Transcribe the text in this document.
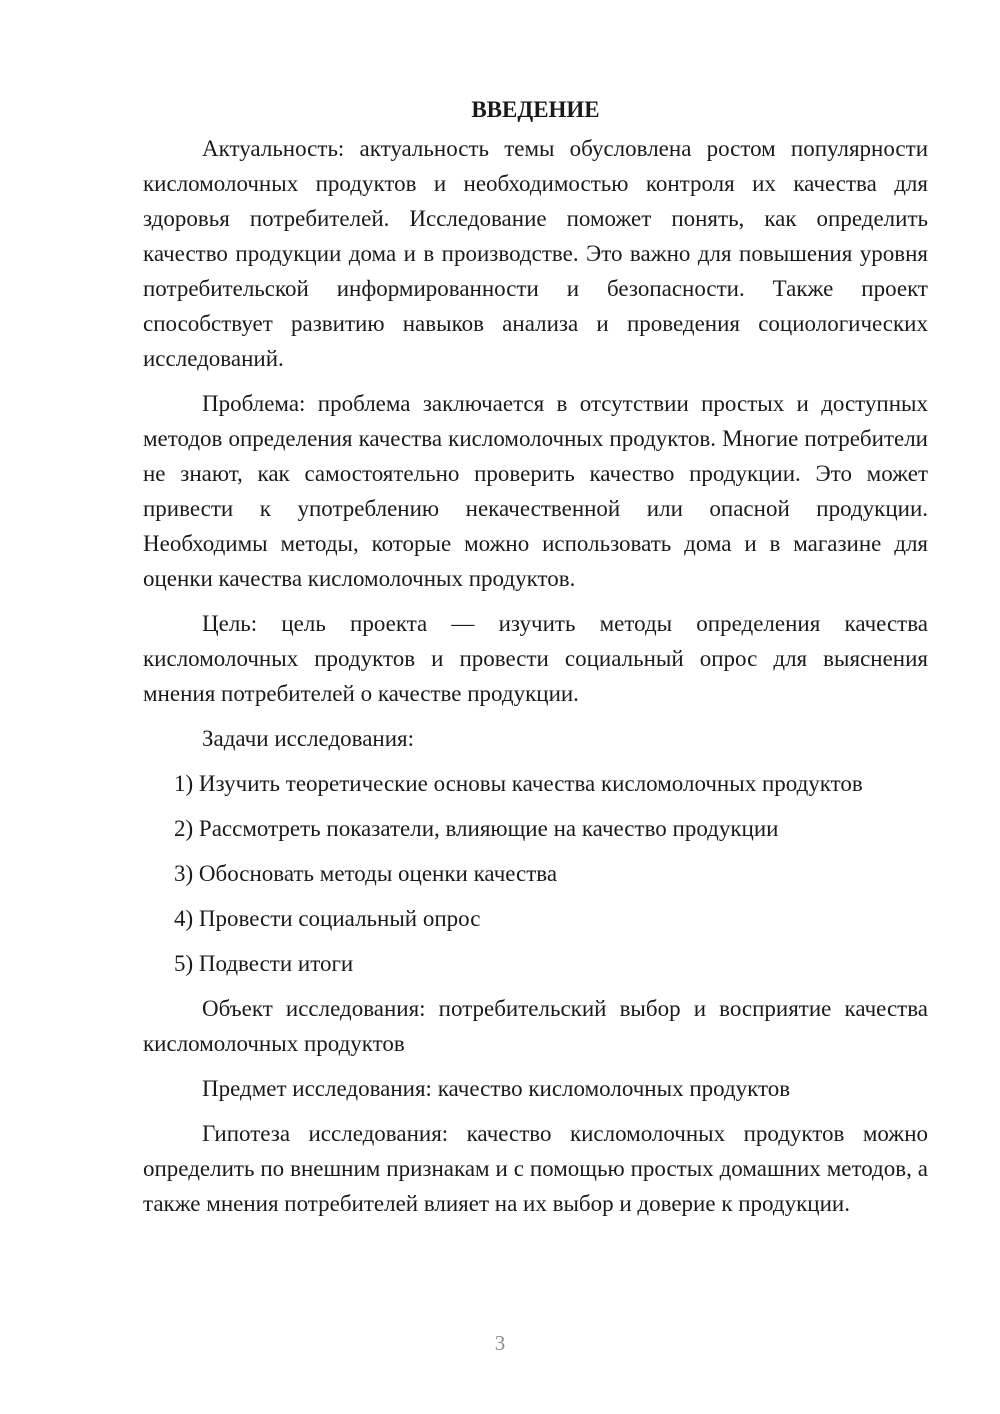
ВВЕДЕНИЕ

Актуальность: актуальность темы обусловлена ростом популярности кисломолочных продуктов и необходимостью контроля их качества для здоровья потребителей. Исследование поможет понять, как определить качество продукции дома и в производстве. Это важно для повышения уровня потребительской информированности и безопасности. Также проект способствует развитию навыков анализа и проведения социологических исследований.

Проблема: проблема заключается в отсутствии простых и доступных методов определения качества кисломолочных продуктов. Многие потребители не знают, как самостоятельно проверить качество продукции. Это может привести к употреблению некачественной или опасной продукции. Необходимы методы, которые можно использовать дома и в магазине для оценки качества кисломолочных продуктов.

Цель: цель проекта — изучить методы определения качества кисломолочных продуктов и провести социальный опрос для выяснения мнения потребителей о качестве продукции.

Задачи исследования:

1) Изучить теоретические основы качества кисломолочных продуктов
2) Рассмотреть показатели, влияющие на качество продукции
3) Обосновать методы оценки качества
4) Провести социальный опрос
5) Подвести итоги

Объект исследования: потребительский выбор и восприятие качества кисломолочных продуктов

Предмет исследования: качество кисломолочных продуктов

Гипотеза исследования: качество кисломолочных продуктов можно определить по внешним признакам и с помощью простых домашних методов, а также мнения потребителей влияет на их выбор и доверие к продукции.

3
